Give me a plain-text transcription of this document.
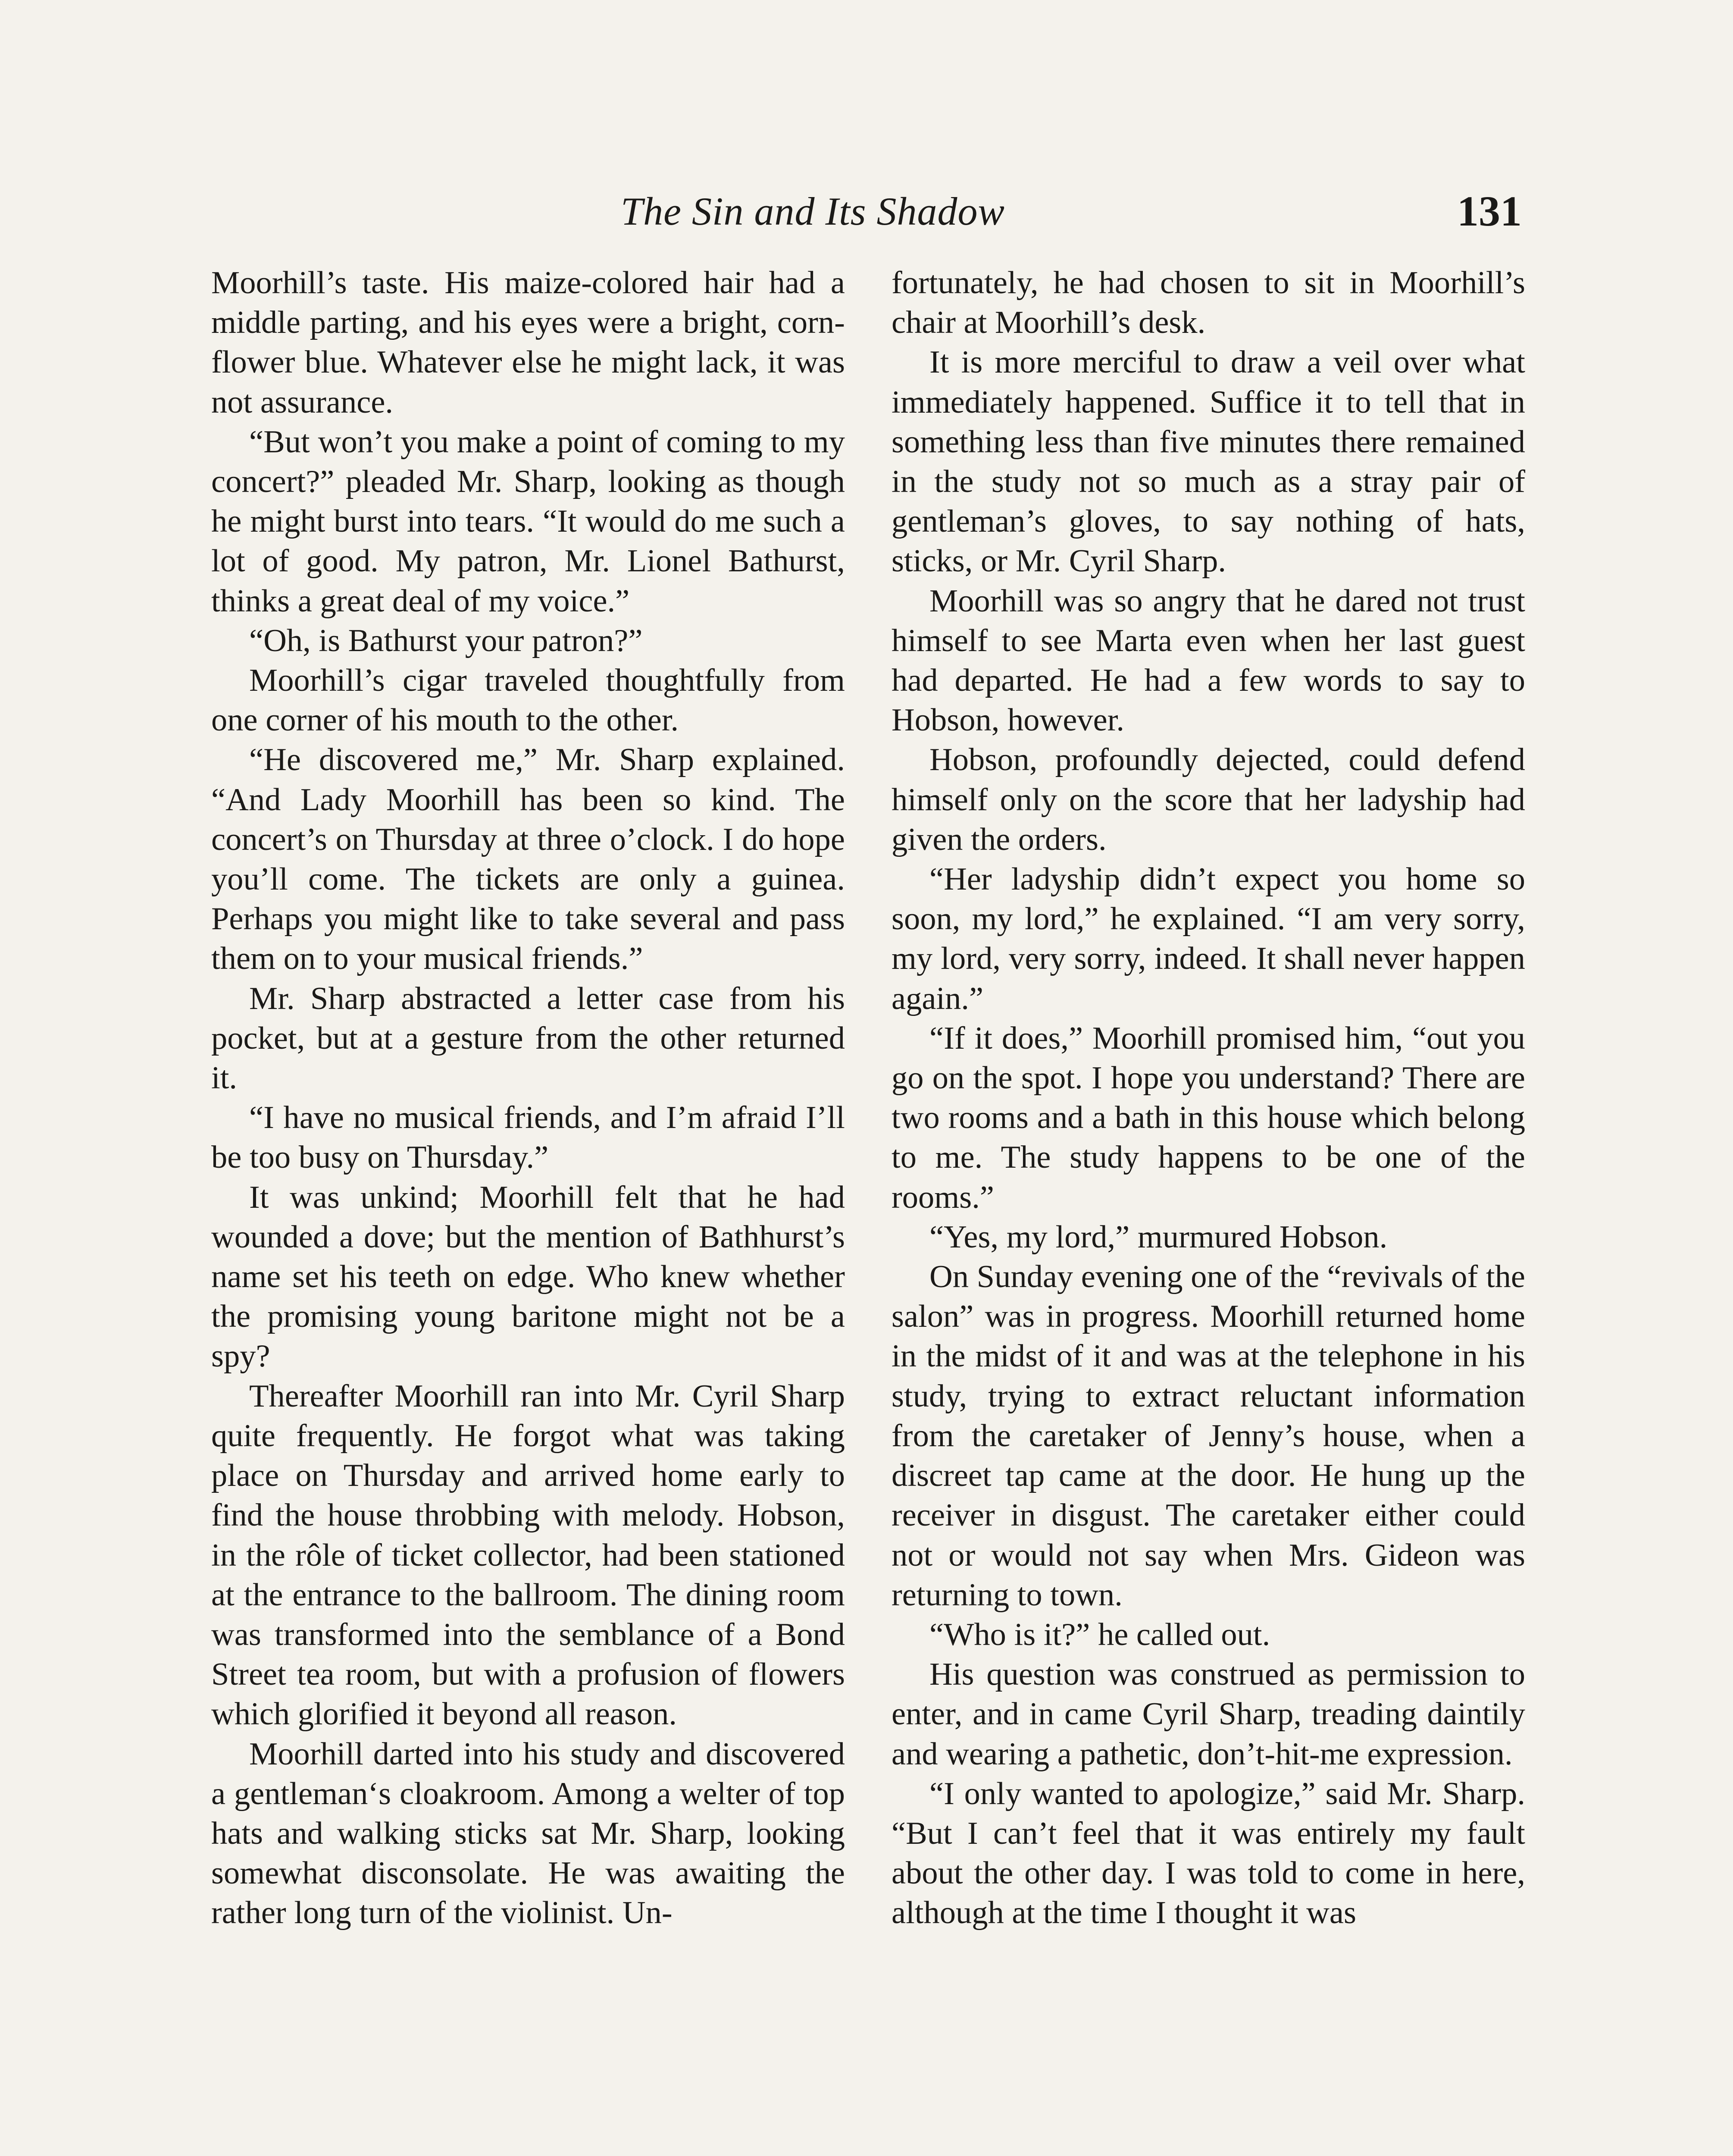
The Sin and Its Shadow	131

Moorhill’s taste. His maize-colored hair had a middle parting, and his eyes were a bright, corn-flower blue. Whatever else he might lack, it was not assurance.

“But won’t you make a point of coming to my concert?” pleaded Mr. Sharp, looking as though he might burst into tears. “It would do me such a lot of good. My patron, Mr. Lionel Bathurst, thinks a great deal of my voice.”

“Oh, is Bathurst your patron?”

Moorhill’s cigar traveled thoughtfully from one corner of his mouth to the other.

“He discovered me,” Mr. Sharp explained. “And Lady Moorhill has been so kind. The concert’s on Thursday at three o’clock. I do hope you’ll come. The tickets are only a guinea. Perhaps you might like to take several and pass them on to your musical friends.”

Mr. Sharp abstracted a letter case from his pocket, but at a gesture from the other returned it.

“I have no musical friends, and I’m afraid I’ll be too busy on Thursday.”

It was unkind; Moorhill felt that he had wounded a dove; but the mention of Bathhurst’s name set his teeth on edge. Who knew whether the promising young baritone might not be a spy?

Thereafter Moorhill ran into Mr. Cyril Sharp quite frequently. He forgot what was taking place on Thursday and arrived home early to find the house throbbing with melody. Hobson, in the rôle of ticket collector, had been stationed at the entrance to the ballroom. The dining room was transformed into the semblance of a Bond Street tea room, but with a profusion of flowers which glorified it beyond all reason.

Moorhill darted into his study and discovered a gentleman‘s cloakroom. Among a welter of top hats and walking sticks sat Mr. Sharp, looking somewhat disconsolate. He was awaiting the rather long turn of the violinist. Un-

fortunately, he had chosen to sit in Moorhill’s chair at Moorhill’s desk.

It is more merciful to draw a veil over what immediately happened. Suffice it to tell that in something less than five minutes there remained in the study not so much as a stray pair of gentleman’s gloves, to say nothing of hats, sticks, or Mr. Cyril Sharp.

Moorhill was so angry that he dared not trust himself to see Marta even when her last guest had departed. He had a few words to say to Hobson, however.

Hobson, profoundly dejected, could defend himself only on the score that her ladyship had given the orders.

“Her ladyship didn’t expect you home so soon, my lord,” he explained. “I am very sorry, my lord, very sorry, indeed. It shall never happen again.”

“If it does,” Moorhill promised him, “out you go on the spot. I hope you understand? There are two rooms and a bath in this house which belong to me. The study happens to be one of the rooms.”

“Yes, my lord,” murmured Hobson.

On Sunday evening one of the “revivals of the salon” was in progress. Moorhill returned home in the midst of it and was at the telephone in his study, trying to extract reluctant information from the caretaker of Jenny’s house, when a discreet tap came at the door. He hung up the receiver in disgust. The caretaker either could not or would not say when Mrs. Gideon was returning to town.

“Who is it?” he called out.

His question was construed as permission to enter, and in came Cyril Sharp, treading daintily and wearing a pathetic, don’t-hit-me expression.

“I only wanted to apologize,” said Mr. Sharp. “But I can’t feel that it was entirely my fault about the other day. I was told to come in here, although at the time I thought it was
